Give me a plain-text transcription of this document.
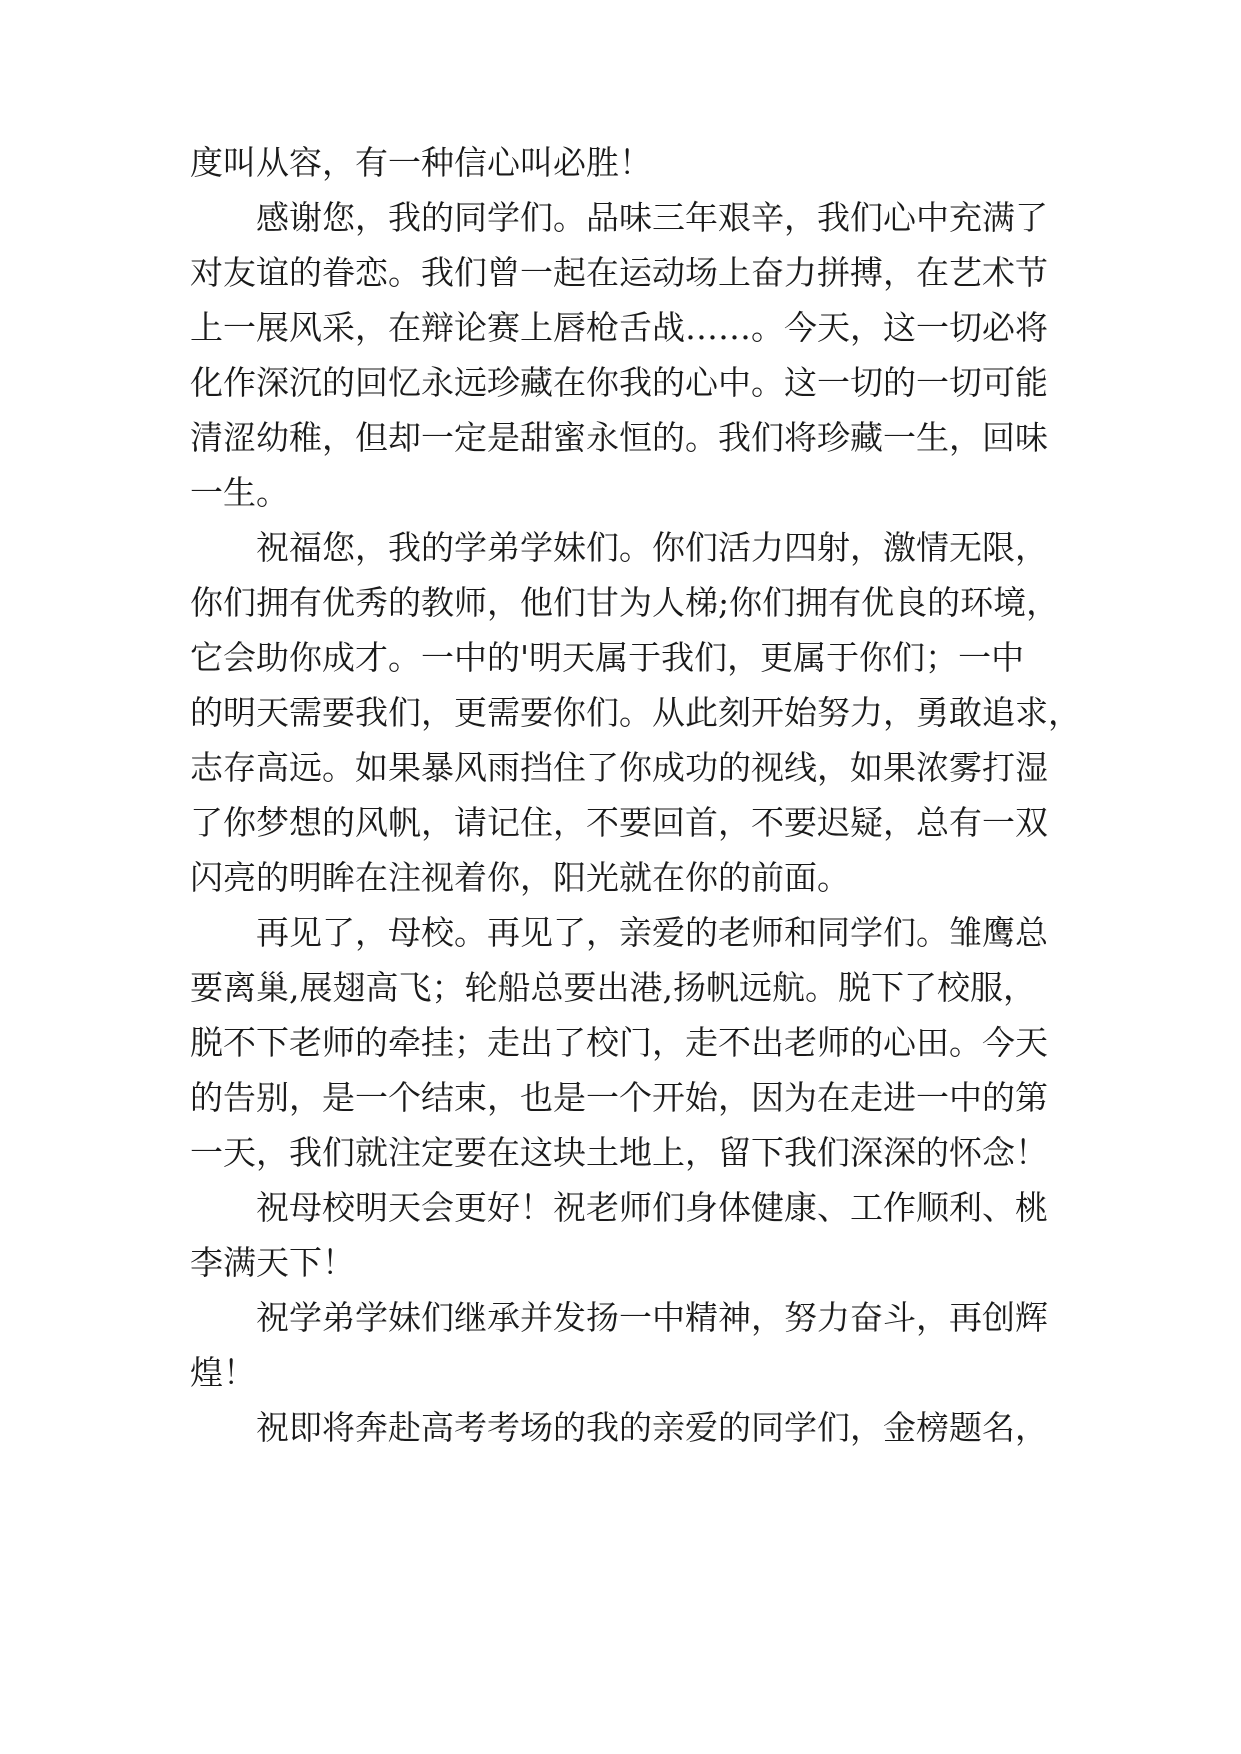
度叫从容，有一种信心叫必胜！
感谢您，我的同学们。品味三年艰辛，我们心中充满了
对友谊的眷恋。我们曾一起在运动场上奋力拼搏，在艺术节
上一展风采，在辩论赛上唇枪舌战……。今天，这一切必将
化作深沉的回忆永远珍藏在你我的心中。这一切的一切可能
清涩幼稚，但却一定是甜蜜永恒的。我们将珍藏一生，回味
一生。
祝福您，我的学弟学妹们。你们活力四射，激情无限，
你们拥有优秀的教师，他们甘为人梯;你们拥有优良的环境，
它会助你成才。一中的'明天属于我们，更属于你们；一中
的明天需要我们，更需要你们。从此刻开始努力，勇敢追求，
志存高远。如果暴风雨挡住了你成功的视线，如果浓雾打湿
了你梦想的风帆，请记住，不要回首，不要迟疑，总有一双
闪亮的明眸在注视着你，阳光就在你的前面。
再见了，母校。再见了，亲爱的老师和同学们。雏鹰总
要离巢,展翅高飞；轮船总要出港,扬帆远航。脱下了校服，
脱不下老师的牵挂；走出了校门，走不出老师的心田。今天
的告别，是一个结束，也是一个开始，因为在走进一中的第
一天，我们就注定要在这块土地上，留下我们深深的怀念！
祝母校明天会更好！祝老师们身体健康、工作顺利、桃
李满天下！
祝学弟学妹们继承并发扬一中精神，努力奋斗，再创辉
煌！
祝即将奔赴高考考场的我的亲爱的同学们，金榜题名，
